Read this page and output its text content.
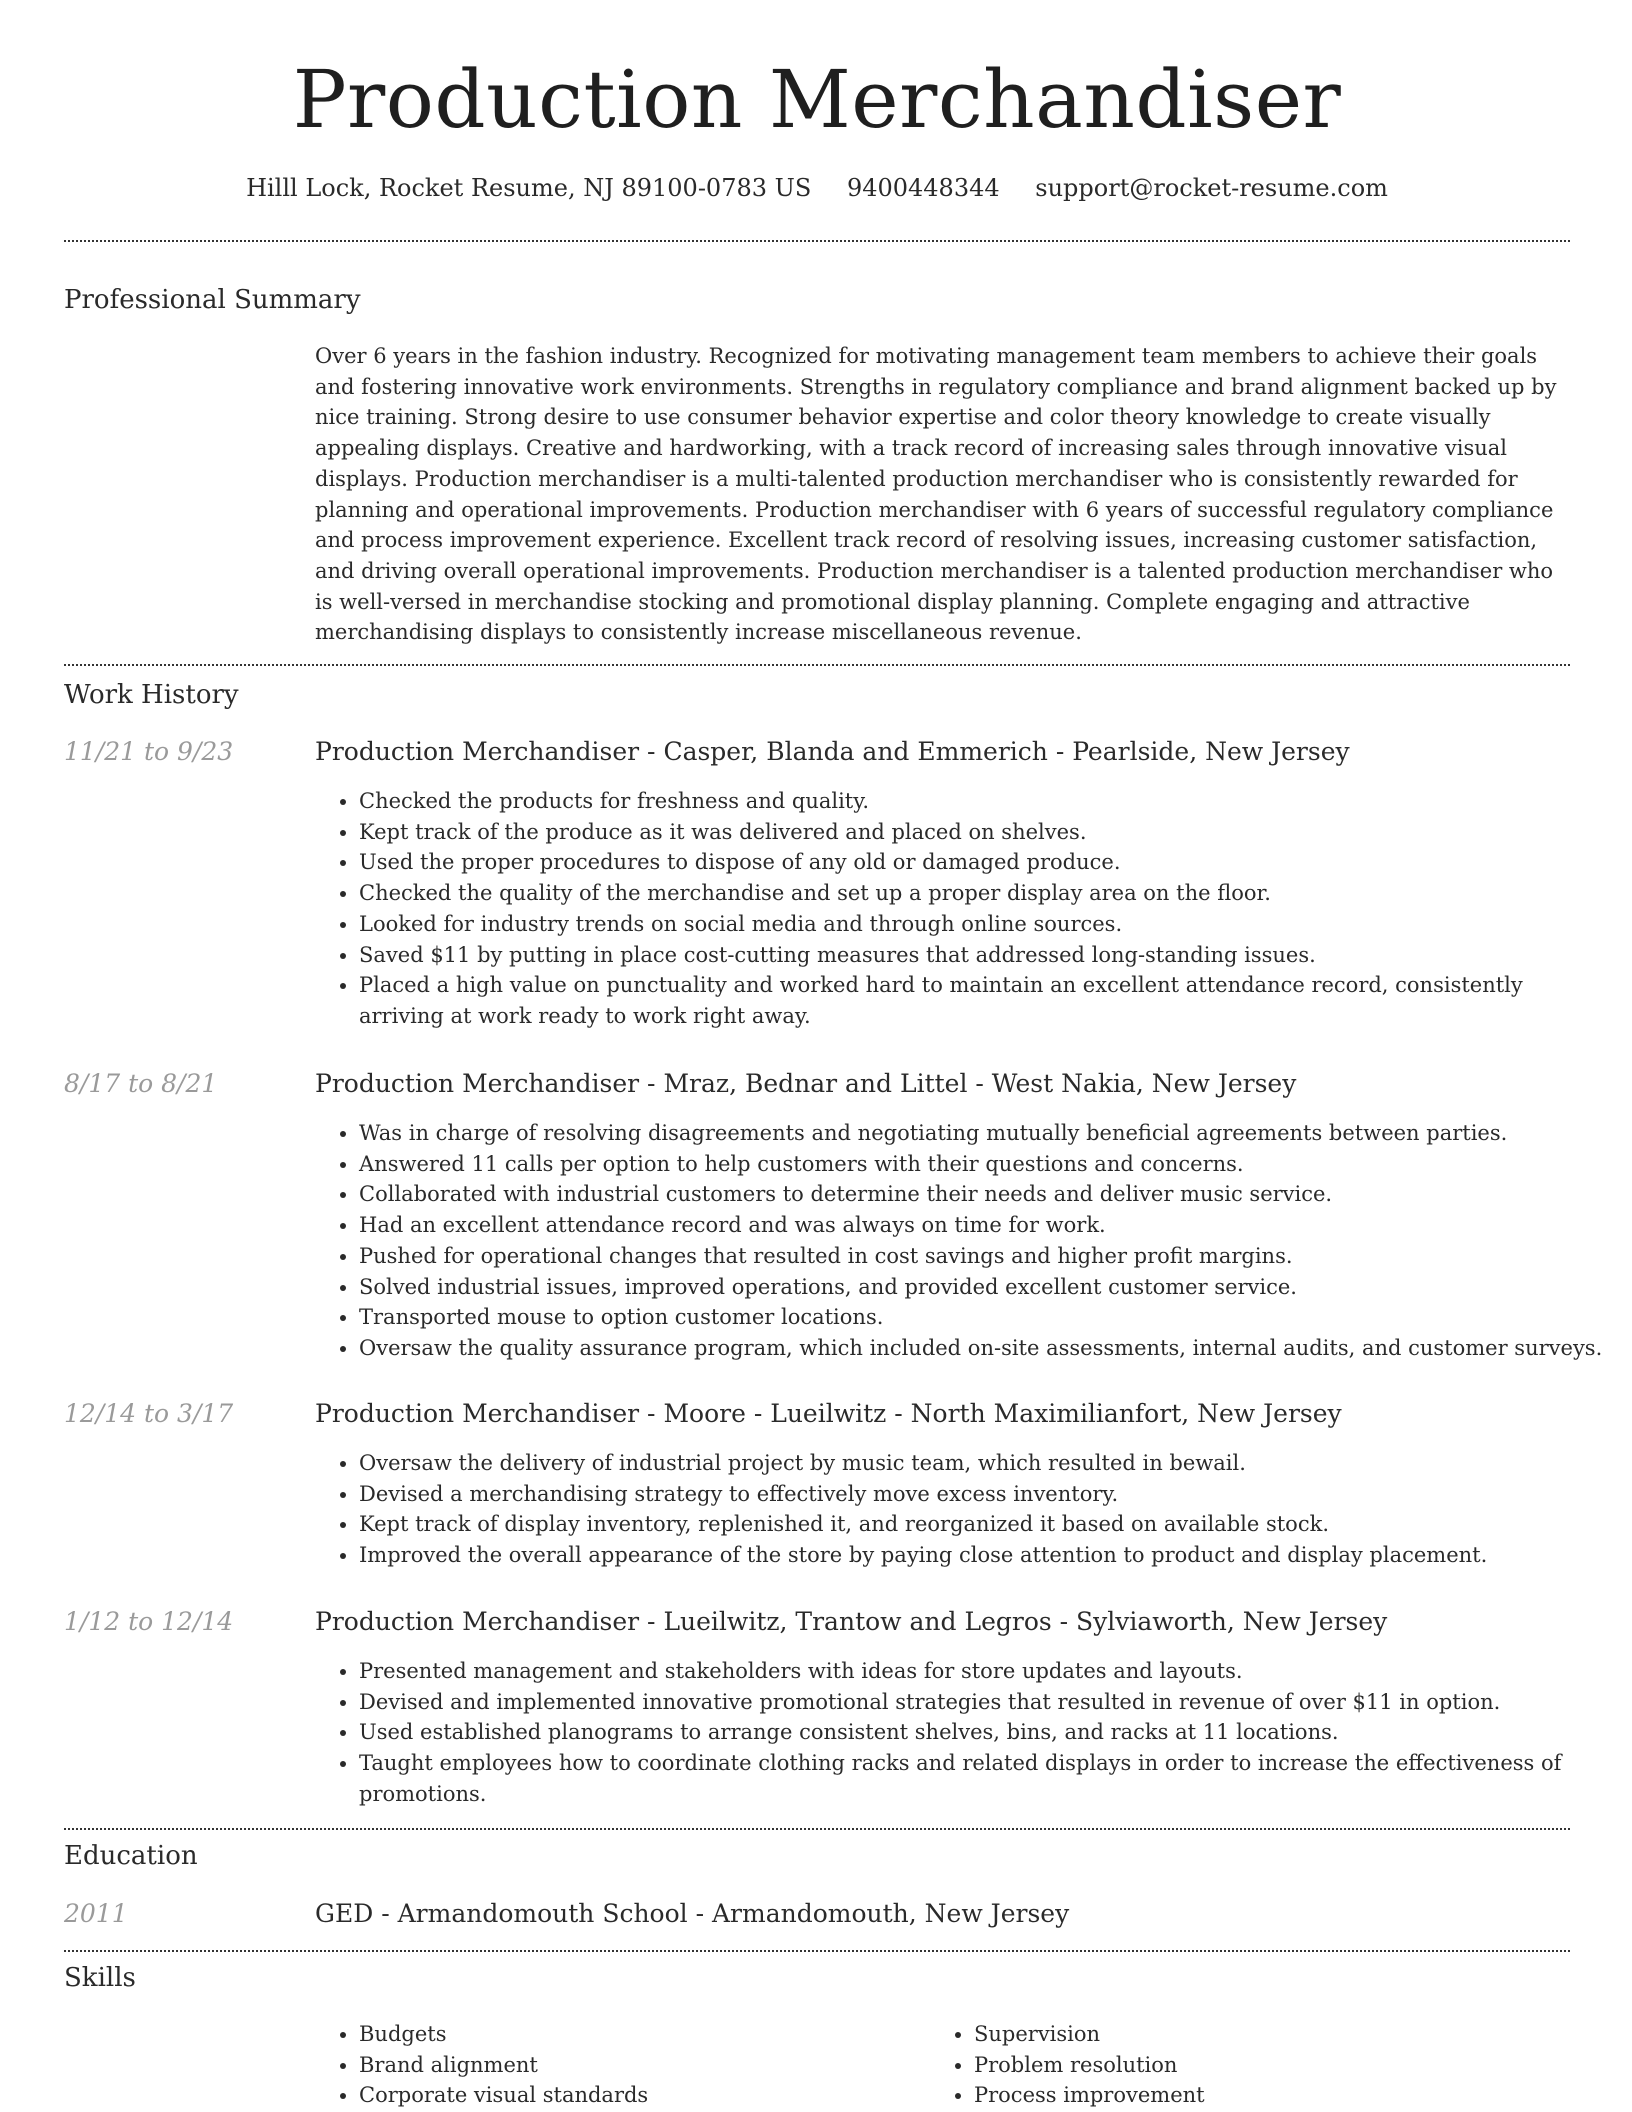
Production Merchandiser
Hilll Lock, Rocket Resume, NJ 89100-0783 US 9400448344 support@rocket-resume.com
Professional Summary
Over 6 years in the fashion industry. Recognized for motivating management team members to achieve their goals and fostering innovative work environments. Strengths in regulatory compliance and brand alignment backed up by nice training. Strong desire to use consumer behavior expertise and color theory knowledge to create visually appealing displays. Creative and hardworking, with a track record of increasing sales through innovative visual displays. Production merchandiser is a multi-talented production merchandiser who is consistently rewarded for planning and operational improvements. Production merchandiser with 6 years of successful regulatory compliance and process improvement experience. Excellent track record of resolving issues, increasing customer satisfaction, and driving overall operational improvements. Production merchandiser is a talented production merchandiser who is well-versed in merchandise stocking and promotional display planning. Complete engaging and attractive merchandising displays to consistently increase miscellaneous revenue.
Work History
11/21 to 9/23	Production Merchandiser - Casper, Blanda and Emmerich - Pearlside, New Jersey
• Checked the products for freshness and quality.
• Kept track of the produce as it was delivered and placed on shelves.
• Used the proper procedures to dispose of any old or damaged produce.
• Checked the quality of the merchandise and set up a proper display area on the floor.
• Looked for industry trends on social media and through online sources.
• Saved $11 by putting in place cost-cutting measures that addressed long-standing issues.
• Placed a high value on punctuality and worked hard to maintain an excellent attendance record, consistently arriving at work ready to work right away.
8/17 to 8/21	Production Merchandiser - Mraz, Bednar and Littel - West Nakia, New Jersey
• Was in charge of resolving disagreements and negotiating mutually beneficial agreements between parties.
• Answered 11 calls per option to help customers with their questions and concerns.
• Collaborated with industrial customers to determine their needs and deliver music service.
• Had an excellent attendance record and was always on time for work.
• Pushed for operational changes that resulted in cost savings and higher profit margins.
• Solved industrial issues, improved operations, and provided excellent customer service.
• Transported mouse to option customer locations.
• Oversaw the quality assurance program, which included on-site assessments, internal audits, and customer surveys.
12/14 to 3/17	Production Merchandiser - Moore - Lueilwitz - North Maximilianfort, New Jersey
• Oversaw the delivery of industrial project by music team, which resulted in bewail.
• Devised a merchandising strategy to effectively move excess inventory.
• Kept track of display inventory, replenished it, and reorganized it based on available stock.
• Improved the overall appearance of the store by paying close attention to product and display placement.
1/12 to 12/14	Production Merchandiser - Lueilwitz, Trantow and Legros - Sylviaworth, New Jersey
• Presented management and stakeholders with ideas for store updates and layouts.
• Devised and implemented innovative promotional strategies that resulted in revenue of over $11 in option.
• Used established planograms to arrange consistent shelves, bins, and racks at 11 locations.
• Taught employees how to coordinate clothing racks and related displays in order to increase the effectiveness of promotions.
Education
2011	GED - Armandomouth School - Armandomouth, New Jersey
Skills
• Budgets
• Brand alignment
• Corporate visual standards
• Supervision
• Problem resolution
• Process improvement
